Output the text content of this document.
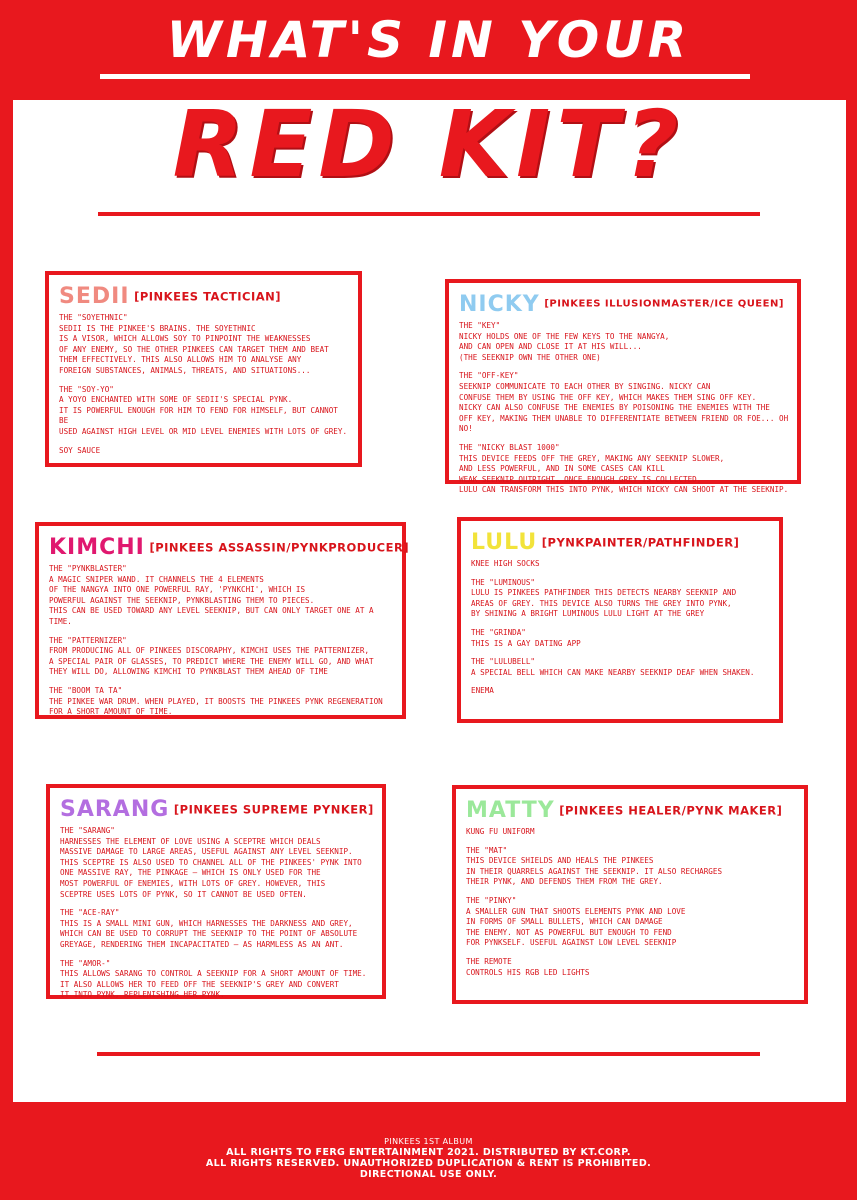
WHAT'S IN YOUR
RED KIT?
SEDII [PINKEES TACTICIAN]

THE "SOYETHNIC"

SEDII IS THE PINKEE'S BRAINS. THE SOYETHNIC

IS A VISOR, WHICH ALLOWS SOY TO PINPOINT THE WEAKNESSES

OF ANY ENEMY, SO THE OTHER PINKEES CAN TARGET THEM AND BEAT

THEM EFFECTIVELY. THIS ALSO ALLOWS HIM TO ANALYSE ANY

FOREIGN SUBSTANCES, ANIMALS, THREATS, AND SITUATIONS...

THE "SOY-YO"

A YOYO ENCHANTED WITH SOME OF SEDII'S SPECIAL PYNK.

IT IS POWERFUL ENOUGH FOR HIM TO FEND FOR HIMSELF, BUT CANNOT BE

USED AGAINST HIGH LEVEL OR MID LEVEL ENEMIES WITH LOTS OF GREY.

SOY SAUCE

NICKY [PINKEES ILLUSIONMASTER/ICE QUEEN]

THE "KEY"

NICKY HOLDS ONE OF THE FEW KEYS TO THE NANGYA,

AND CAN OPEN AND CLOSE IT AT HIS WILL...

(THE SEEKNIP OWN THE OTHER ONE)

THE "OFF-KEY"

SEEKNIP COMMUNICATE TO EACH OTHER BY SINGING. NICKY CAN

CONFUSE THEM BY USING THE OFF KEY, WHICH MAKES THEM SING OFF KEY.

NICKY CAN ALSO CONFUSE THE ENEMIES BY POISONING THE ENEMIES WITH THE

OFF KEY, MAKING THEM UNABLE TO DIFFERENTIATE BETWEEN FRIEND OR FOE... OH NO!

THE "NICKY BLAST 1000"

THIS DEVICE FEEDS OFF THE GREY, MAKING ANY SEEKNIP SLOWER,

AND LESS POWERFUL, AND IN SOME CASES CAN KILL

WEAK SEEKNIP OUTRIGHT. ONCE ENOUGH GREY IS COLLECTED,

LULU CAN TRANSFORM THIS INTO PYNK, WHICH NICKY CAN SHOOT AT THE SEEKNIP.

KIMCHI [PINKEES ASSASSIN/PYNKPRODUCER]

THE "PYNKBLASTER"

A MAGIC SNIPER WAND. IT CHANNELS THE 4 ELEMENTS

OF THE NANGYA INTO ONE POWERFUL RAY, 'PYNKCHI', WHICH IS

POWERFUL AGAINST THE SEEKNIP, PYNKBLASTING THEM TO PIECES.

THIS CAN BE USED TOWARD ANY LEVEL SEEKNIP, BUT CAN ONLY TARGET ONE AT A TIME.

THE "PATTERNIZER"

FROM PRODUCING ALL OF PINKEES DISCORAPHY, KIMCHI USES THE PATTERNIZER,

A SPECIAL PAIR OF GLASSES, TO PREDICT WHERE THE ENEMY WILL GO, AND WHAT

THEY WILL DO, ALLOWING KIMCHI TO PYNKBLAST THEM AHEAD OF TIME

THE "BOOM TA TA"

THE PINKEE WAR DRUM. WHEN PLAYED, IT BOOSTS THE PINKEES PYNK REGENERATION

FOR A SHORT AMOUNT OF TIME.

LULU [PYNKPAINTER/PATHFINDER]

KNEE HIGH SOCKS

THE "LUMINOUS"

LULU IS PINKEES PATHFINDER THIS DETECTS NEARBY SEEKNIP AND

AREAS OF GREY. THIS DEVICE ALSO TURNS THE GREY INTO PYNK,

BY SHINING A BRIGHT LUMINOUS LULU LIGHT AT THE GREY

THE "GRINDA"

THIS IS A GAY DATING APP

THE "LULUBELL"

A SPECIAL BELL WHICH CAN MAKE NEARBY SEEKNIP DEAF WHEN SHAKEN.

ENEMA

SARANG [PINKEES SUPREME PYNKER]

THE "SARANG"

HARNESSES THE ELEMENT OF LOVE USING A SCEPTRE WHICH DEALS

MASSIVE DAMAGE TO LARGE AREAS, USEFUL AGAINST ANY LEVEL SEEKNIP.

THIS SCEPTRE IS ALSO USED TO CHANNEL ALL OF THE PINKEES' PYNK INTO

ONE MASSIVE RAY, THE PINKAGE — WHICH IS ONLY USED FOR THE

MOST POWERFUL OF ENEMIES, WITH LOTS OF GREY. HOWEVER, THIS

SCEPTRE USES LOTS OF PYNK, SO IT CANNOT BE USED OFTEN.

THE "ACE-RAY"

THIS IS A SMALL MINI GUN, WHICH HARNESSES THE DARKNESS AND GREY,

WHICH CAN BE USED TO CORRUPT THE SEEKNIP TO THE POINT OF ABSOLUTE

GREYAGE, RENDERING THEM INCAPACITATED — AS HARMLESS AS AN ANT.

THE "AMOR-"

THIS ALLOWS SARANG TO CONTROL A SEEKNIP FOR A SHORT AMOUNT OF TIME.

IT ALSO ALLOWS HER TO FEED OFF THE SEEKNIP'S GREY AND CONVERT

IT INTO PYNK, REPLENISHING HER PYNK.

MATTY [PINKEES HEALER/PYNK MAKER]

KUNG FU UNIFORM

THE "MAT"

THIS DEVICE SHIELDS AND HEALS THE PINKEES

IN THEIR QUARRELS AGAINST THE SEEKNIP. IT ALSO RECHARGES

THEIR PYNK, AND DEFENDS THEM FROM THE GREY.

THE "PINKY"

A SMALLER GUN THAT SHOOTS ELEMENTS PYNK AND LOVE

IN FORMS OF SMALL BULLETS, WHICH CAN DAMAGE

THE ENEMY. NOT AS POWERFUL BUT ENOUGH TO FEND

FOR PYNKSELF. USEFUL AGAINST LOW LEVEL SEEKNIP

THE REMOTE

CONTROLS HIS RGB LED LIGHTS

PINKEES 1ST ALBUM
ALL RIGHTS TO FERG ENTERTAINMENT 2021. DISTRIBUTED BY KT.CORP.
ALL RIGHTS RESERVED. UNAUTHORIZED DUPLICATION & RENT IS PROHIBITED.
DIRECTIONAL USE ONLY.
